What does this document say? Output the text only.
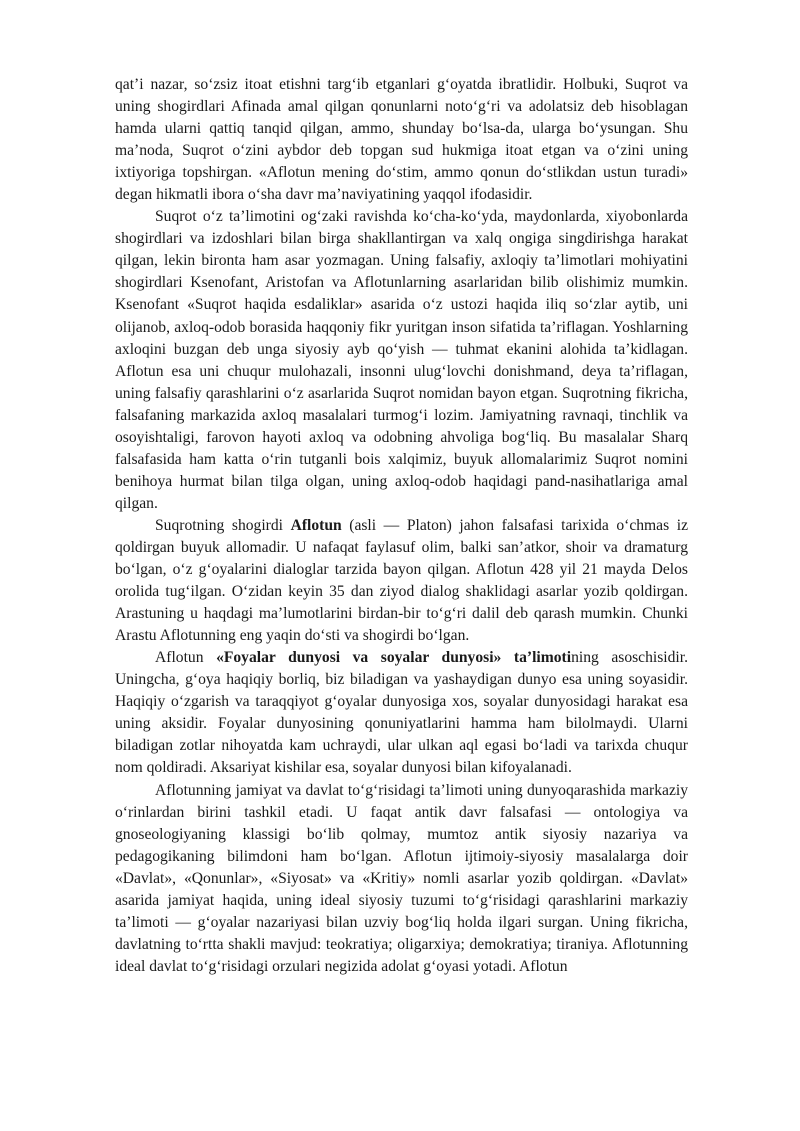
qat’i nazar, so‘zsiz itoat etishni targ‘ib etganlari g‘oyatda ibratlidir. Holbuki, Suqrot va uning shogirdlari Afinada amal qilgan qonunlarni noto‘g‘ri va adolatsiz deb hisoblagan hamda ularni qattiq tanqid qilgan, ammo, shunday bo‘lsa-da, ularga bo‘ysungan. Shu ma’noda, Suqrot o‘zini aybdor deb topgan sud hukmiga itoat etgan va o‘zini uning ixtiyoriga topshirgan. «Aflotun mening do‘stim, ammo qonun do‘stlikdan ustun turadi» degan hikmatli ibora o‘sha davr ma’naviyatining yaqqol ifodasidir.

Suqrot o‘z ta’limotini og‘zaki ravishda ko‘cha-ko‘yda, maydonlarda, xiyobonlarda shogirdlari va izdoshlari bilan birga shakllantirgan va xalq ongiga singdirishga harakat qilgan, lekin bironta ham asar yozmagan. Uning falsafiy, axloqiy ta’limotlari mohiyatini shogirdlari Ksenofant, Aristofan va Aflotunlarning asarlaridan bilib olishimiz mumkin. Ksenofant «Suqrot haqida esdaliklar» asarida o‘z ustozi haqida iliq so‘zlar aytib, uni olijanob, axloq-odob borasida haqqoniy fikr yuritgan inson sifatida ta’riflagan. Yoshlarning axloqini buzgan deb unga siyosiy ayb qo‘yish — tuhmat ekanini alohida ta’kidlagan. Aflotun esa uni chuqur mulohazali, insonni ulug‘lovchi donishmand, deya ta’riflagan, uning falsafiy qarashlarini o‘z asarlarida Suqrot nomidan bayon etgan. Suqrotning fikricha, falsafaning markazida axloq masalalari turmog‘i lozim. Jamiyatning ravnaqi, tinchlik va osoyishtaligi, farovon hayoti axloq va odobning ahvoliga bog‘liq. Bu masalalar Sharq falsafasida ham katta o‘rin tutganli bois xalqimiz, buyuk allomalarimiz Suqrot nomini benihoya hurmat bilan tilga olgan, uning axloq-odob haqidagi pand-nasihatlariga amal qilgan.

Suqrotning shogirdi Aflotun (asli — Platon) jahon falsafasi tarixida o‘chmas iz qoldirgan buyuk allomadir. U nafaqat faylasuf olim, balki san’atkor, shoir va dramaturg bo‘lgan, o‘z g‘oyalarini dialoglar tarzida bayon qilgan. Aflotun 428 yil 21 mayda Delos orolida tug‘ilgan. O‘zidan keyin 35 dan ziyod dialog shaklidagi asarlar yozib qoldirgan. Arastuning u haqdagi ma’lumotlarini birdan-bir to‘g‘ri dalil deb qarash mumkin. Chunki Arastu Aflotunning eng yaqin do‘sti va shogirdi bo‘lgan.

Aflotun «Foyalar dunyosi va soyalar dunyosi» ta’limotining asoschisidir. Uningcha, g‘oya haqiqiy borliq, biz biladigan va yashaydigan dunyo esa uning soyasidir. Haqiqiy o‘zgarish va taraqqiyot g‘oyalar dunyosiga xos, soyalar dunyosidagi harakat esa uning aksidir. Foyalar dunyosining qonuniyatlarini hamma ham bilolmaydi. Ularni biladigan zotlar nihoyatda kam uchraydi, ular ulkan aql egasi bo‘ladi va tarixda chuqur nom qoldiradi. Aksariyat kishilar esa, soyalar dunyosi bilan kifoyalanadi.

Aflotunning jamiyat va davlat to‘g‘risidagi ta’limoti uning dunyoqarashida markaziy o‘rinlardan birini tashkil etadi. U faqat antik davr falsafasi — ontologiya va gnoseologiyaning klassigi bo‘lib qolmay, mumtoz antik siyosiy nazariya va pedagogikaning bilimdoni ham bo‘lgan. Aflotun ijtimoiy-siyosiy masalalarga doir «Davlat», «Qonunlar», «Siyosat» va «Kritiy» nomli asarlar yozib qoldirgan. «Davlat» asarida jamiyat haqida, uning ideal siyosiy tuzumi to‘g‘risidagi qarashlarini markaziy ta’limoti — g‘oyalar nazariyasi bilan uzviy bog‘liq holda ilgari surgan. Uning fikricha, davlatning to‘rtta shakli mavjud: teokratiya; oligarxiya; demokratiya; tiraniya. Aflotunning ideal davlat to‘g‘risidagi orzulari negizida adolat g‘oyasi yotadi. Aflotun
